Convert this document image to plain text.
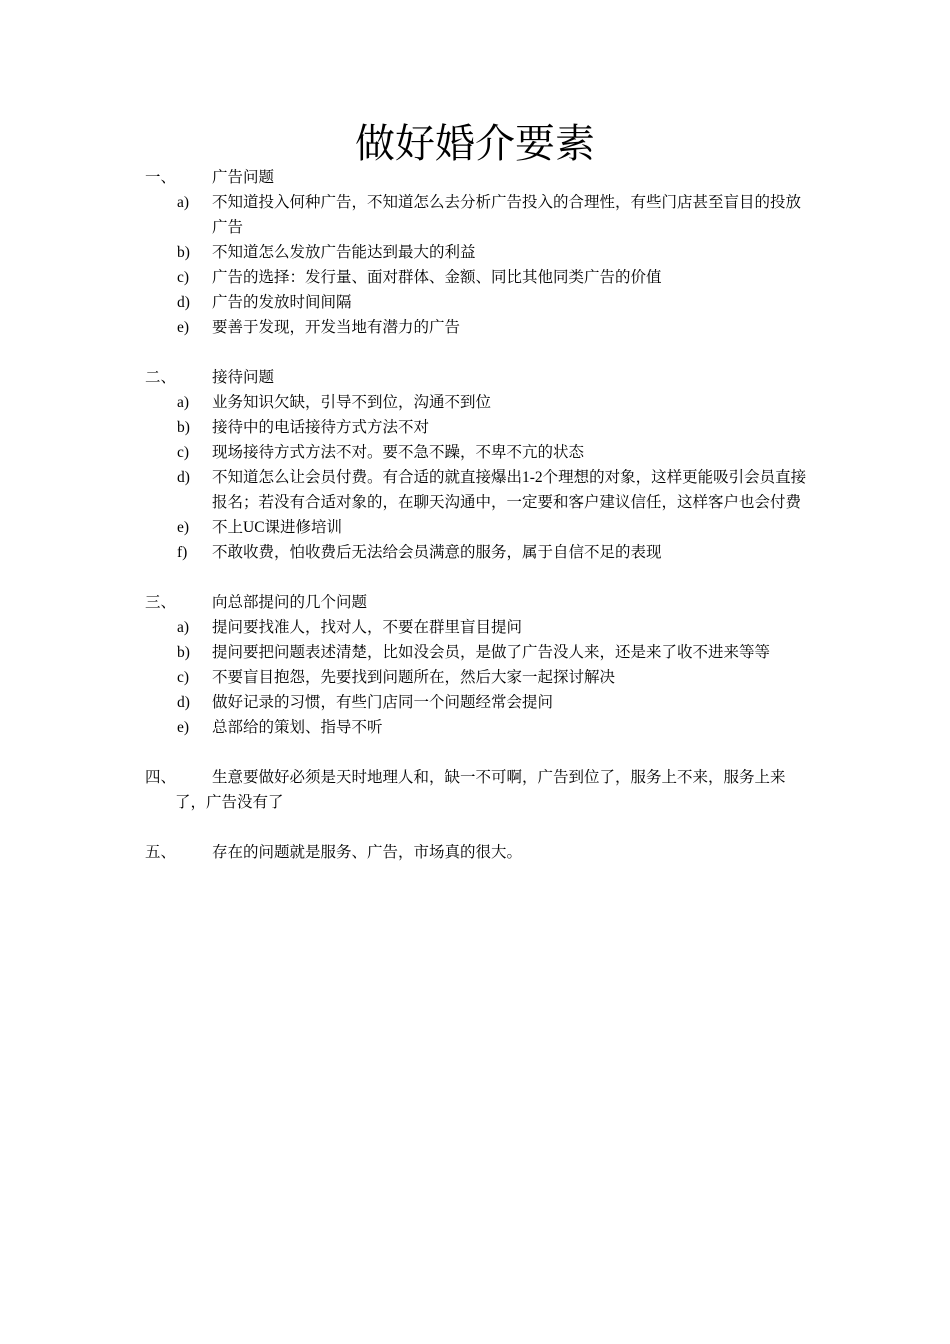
做好婚介要素
一、 广告问题
a) 不知道投入何种广告，不知道怎么去分析广告投入的合理性，有些门店甚至盲目的投放广告
b) 不知道怎么发放广告能达到最大的利益
c) 广告的选择：发行量、面对群体、金额、同比其他同类广告的价值
d) 广告的发放时间间隔
e) 要善于发现，开发当地有潜力的广告
二、 接待问题
a) 业务知识欠缺，引导不到位，沟通不到位
b) 接待中的电话接待方式方法不对
c) 现场接待方式方法不对。要不急不躁，不卑不亢的状态
d) 不知道怎么让会员付费。有合适的就直接爆出1-2个理想的对象，这样更能吸引会员直接报名；若没有合适对象的，在聊天沟通中，一定要和客户建议信任，这样客户也会付费
e) 不上UC课进修培训
f) 不敢收费，怕收费后无法给会员满意的服务，属于自信不足的表现
三、 向总部提问的几个问题
a) 提问要找准人，找对人，不要在群里盲目提问
b) 提问要把问题表述清楚，比如没会员，是做了广告没人来，还是来了收不进来等等
c) 不要盲目抱怨，先要找到问题所在，然后大家一起探讨解决
d) 做好记录的习惯，有些门店同一个问题经常会提问
e) 总部给的策划、指导不听
四、	生意要做好必须是天时地理人和，缺一不可啊，广告到位了，服务上不来，服务上来了，广告没有了
五、 存在的问题就是服务、广告，市场真的很大。
